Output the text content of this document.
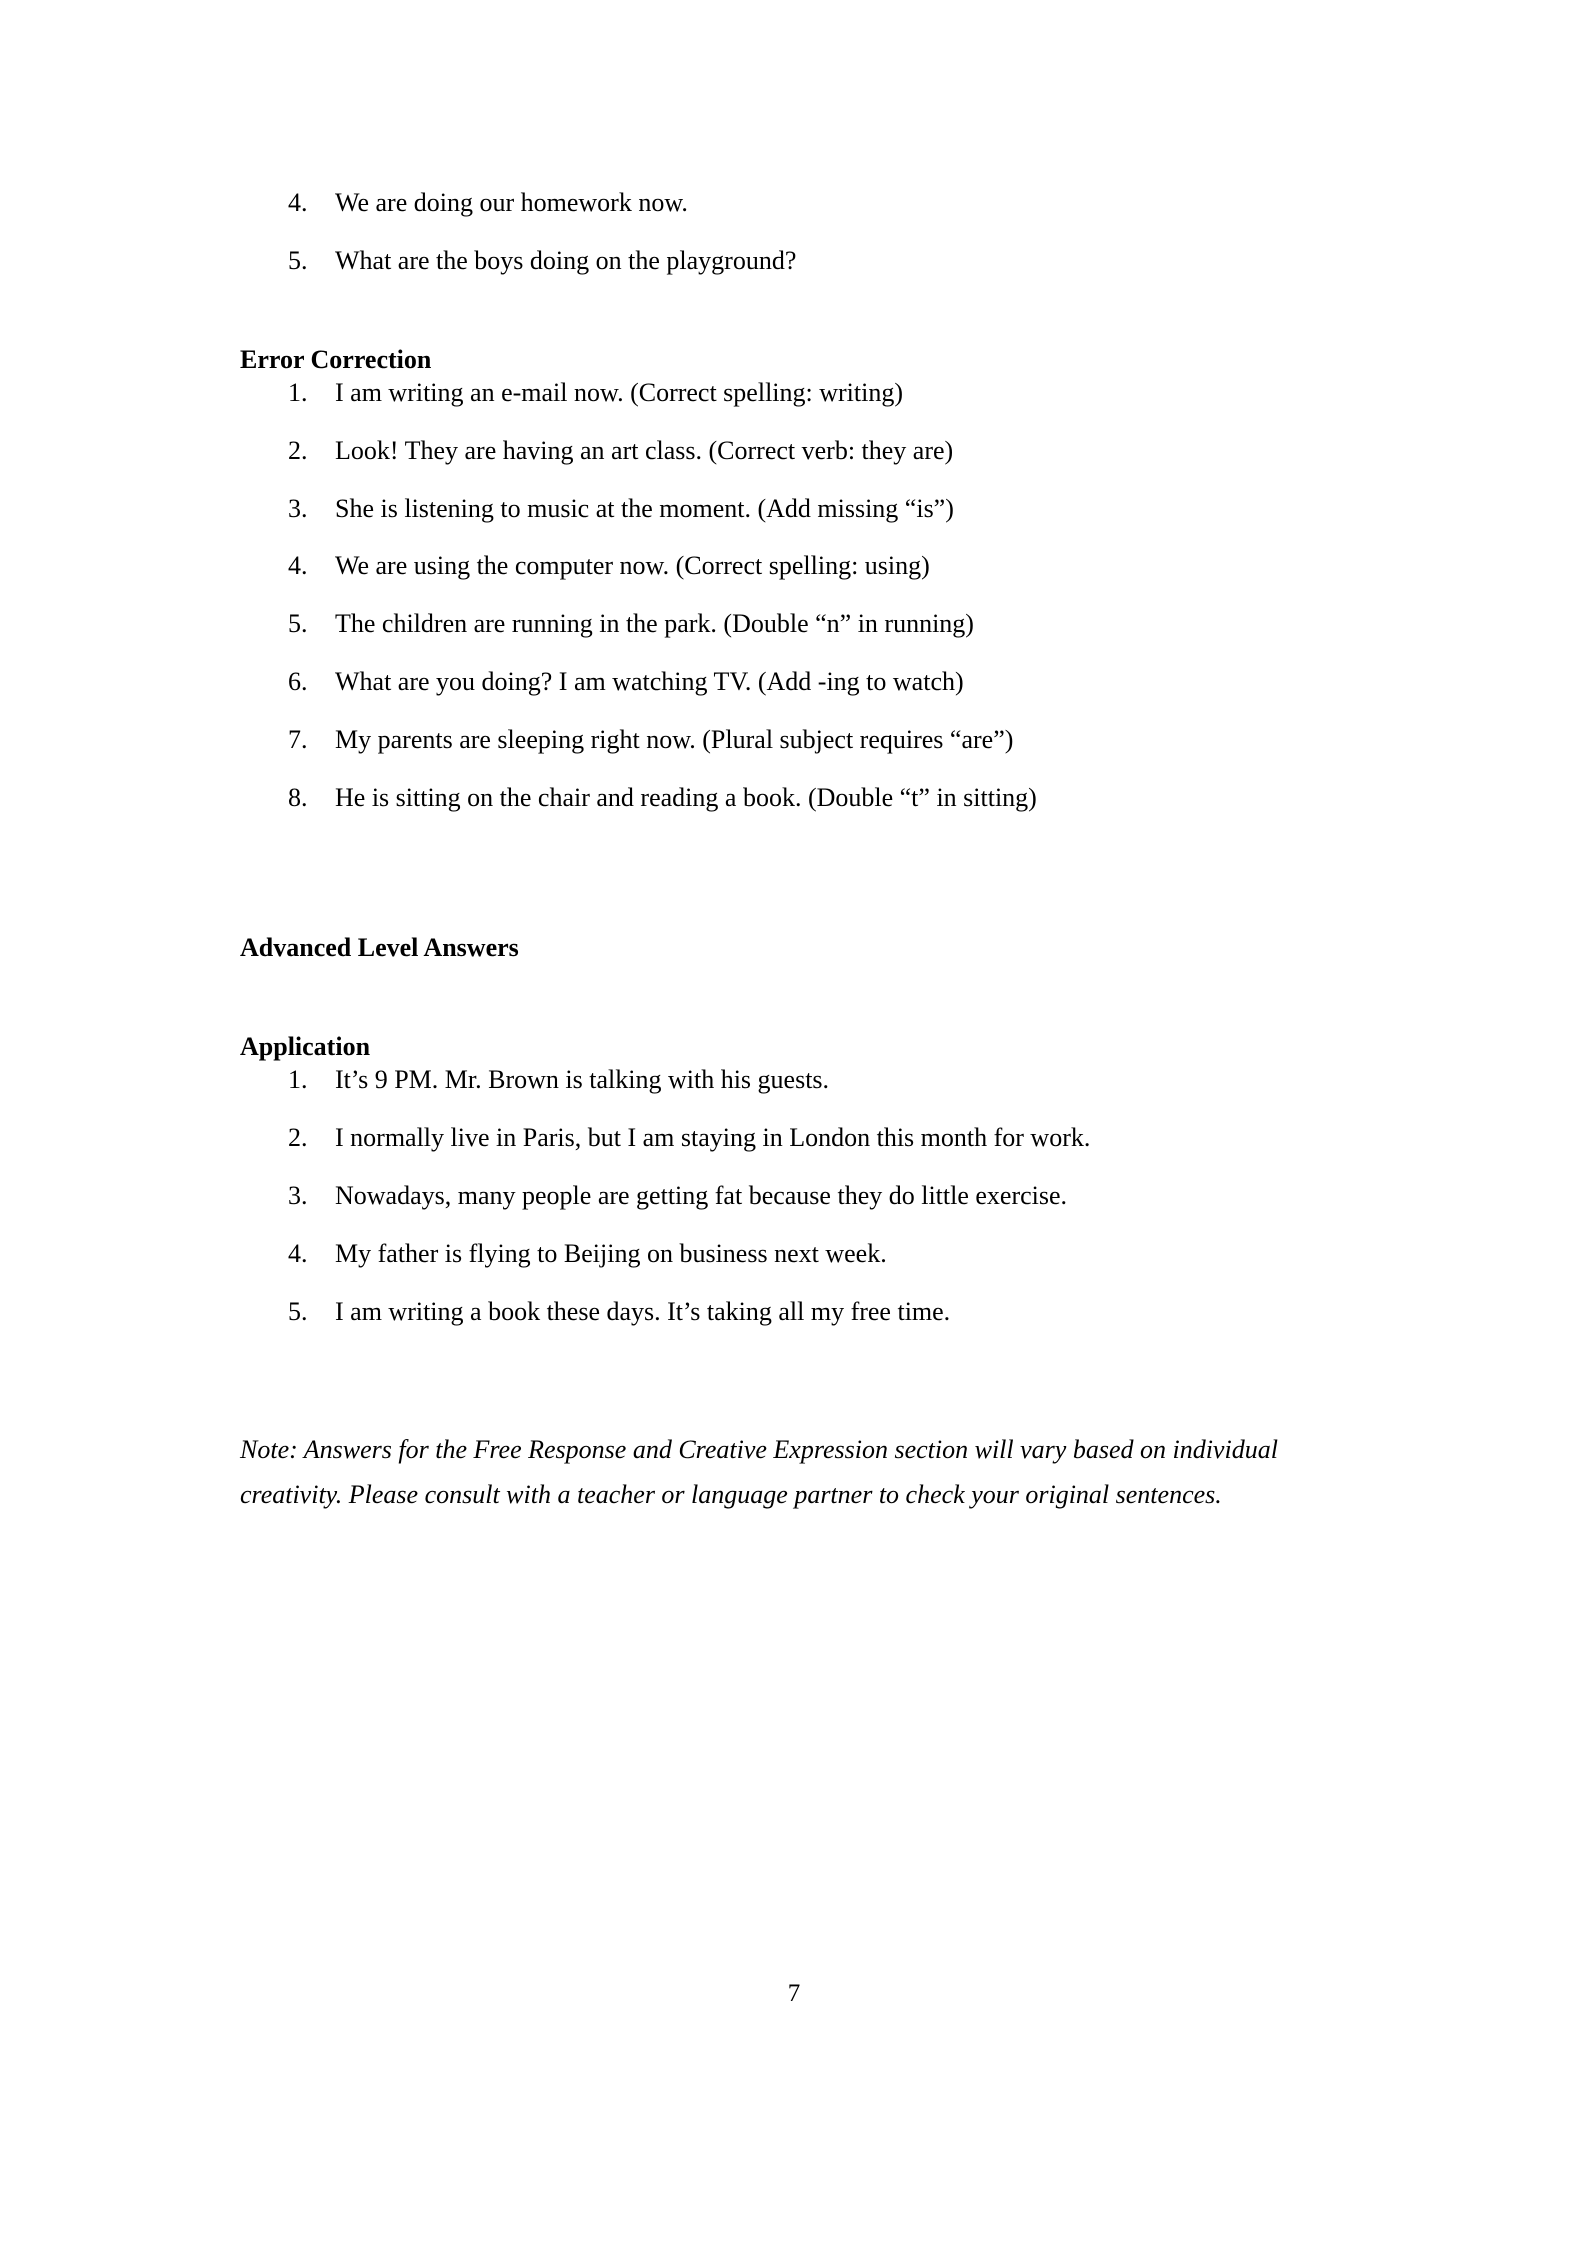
4.	We are doing our homework now.
5.	What are the boys doing on the playground?
Error Correction
1.	I am writing an e-mail now. (Correct spelling: writing)
2.	Look! They are having an art class. (Correct verb: they are)
3.	She is listening to music at the moment. (Add missing “is”)
4.	We are using the computer now. (Correct spelling: using)
5.	The children are running in the park. (Double “n” in running)
6.	What are you doing? I am watching TV. (Add -ing to watch)
7.	My parents are sleeping right now. (Plural subject requires “are”)
8.	He is sitting on the chair and reading a book. (Double “t” in sitting)
Advanced Level Answers
Application
1.	It’s 9 PM. Mr. Brown is talking with his guests.
2.	I normally live in Paris, but I am staying in London this month for work.
3.	Nowadays, many people are getting fat because they do little exercise.
4.	My father is flying to Beijing on business next week.
5.	I am writing a book these days. It’s taking all my free time.

Note: Answers for the Free Response and Creative Expression section will vary based on individual creativity. Please consult with a teacher or language partner to check your original sentences.

7
